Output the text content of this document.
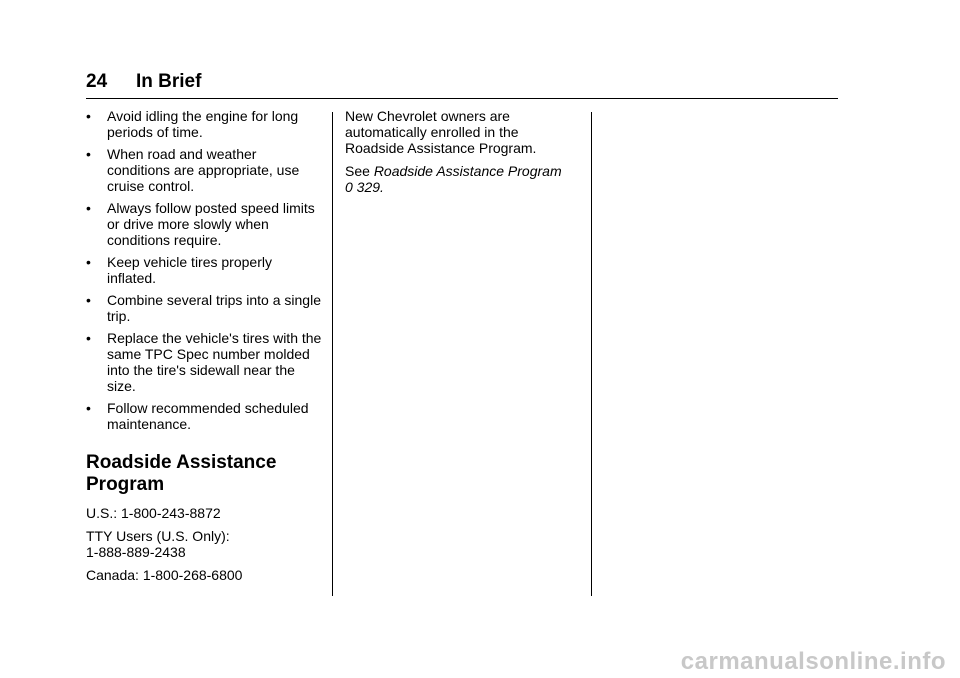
24 In Brief
• Avoid idling the engine for long periods of time.
• When road and weather conditions are appropriate, use cruise control.
• Always follow posted speed limits or drive more slowly when conditions require.
• Keep vehicle tires properly inflated.
• Combine several trips into a single trip.
• Replace the vehicle's tires with the same TPC Spec number molded into the tire's sidewall near the size.
• Follow recommended scheduled maintenance.
Roadside Assistance Program
U.S.: 1-800-243-8872
TTY Users (U.S. Only):
1-888-889-2438
Canada: 1-800-268-6800
New Chevrolet owners are automatically enrolled in the Roadside Assistance Program.
See Roadside Assistance Program
0 329.
carmanualsonline.info
